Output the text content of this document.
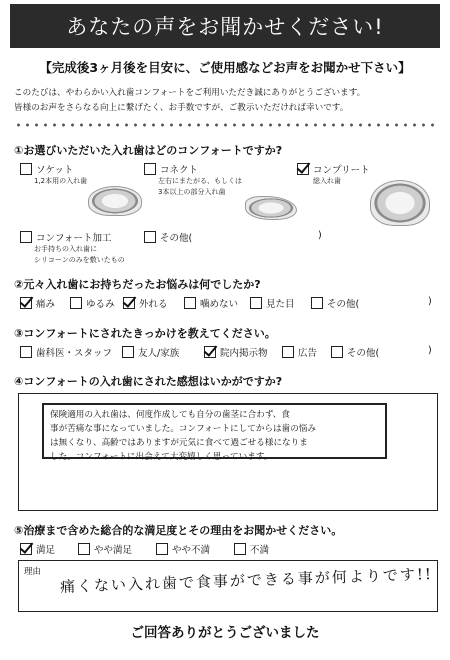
あなたの声をお聞かせください!
【完成後3ヶ月後を目安に、ご使用感などお声をお聞かせ下さい】
このたびは、やわらかい入れ歯コンフォートをご利用いただき誠にありがとうございます。
皆様のお声をさらなる向上に繋げたく、お手数ですが、ご教示いただければ幸いです。
①お選びいただいた入れ歯はどのコンフォートですか?
ソケット
1,2本用の入れ歯
コネクト
左右にまたがる、もしくは
3本以上の部分入れ歯
コンプリート
総入れ歯
コンフォート加工
お手持ちの入れ歯に
シリコーンのみを敷いたもの
その他(	)
②元々入れ歯にお持ちだったお悩みは何でしたか?
痛み	ゆるみ	外れる	噛めない	見た目	その他(	)
③コンフォートにされたきっかけを教えてください。
歯科医・スタッフ	友人/家族	院内掲示物	広告	その他(	)
④コンフォートの入れ歯にされた感想はいかがですか?
保険適用の入れ歯は、何度作成しても自分の歯茎に合わず、食
事が苦痛な事になっていました。コンフォートにしてからは歯の悩み
は無くなり、高齢ではありますが元気に食べて過ごせる様になりま
した。コンフォートに出会えて大変嬉しく思っています。
⑤治療まで含めた総合的な満足度とその理由をお聞かせください。
満足	やや満足	やや不満	不満
理由 痛くない入れ歯で食事ができる事が何よりです!!
ご回答ありがとうございました
